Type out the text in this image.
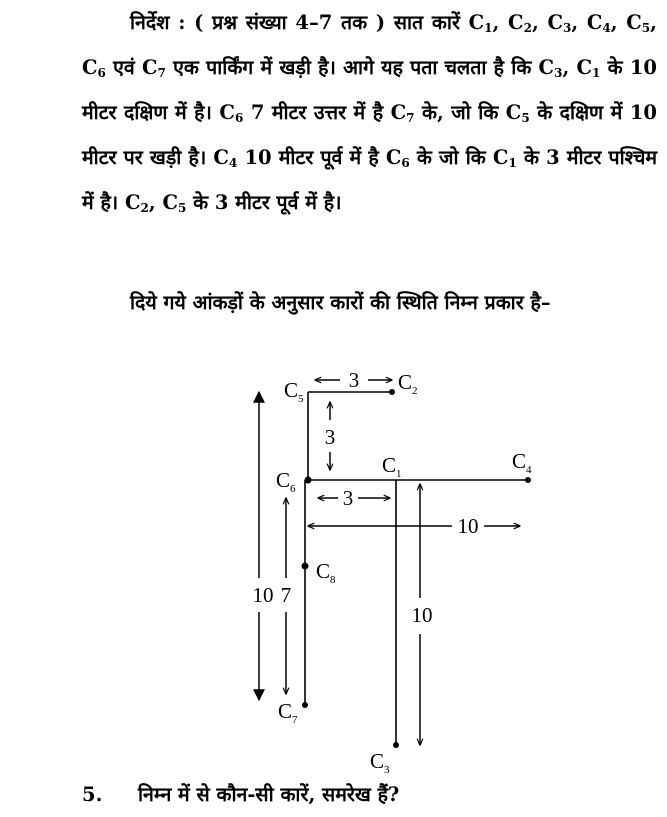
निर्देश : ( प्रश्न संख्या 4–7 तक ) सात कारें $C_1$, $C_2$, $C_3$, $C_4$, $C_5$, $C_6$ एवं $C_7$ एक पार्किंग में खड़ी है। आगे यह पता चलता है कि $C_3$, $C_1$ के 10 मीटर दक्षिण में है। $C_6$ 7 मीटर उत्तर में है $C_7$ के, जो कि $C_5$ के दक्षिण में 10 मीटर पर खड़ी है। $C_4$ 10 मीटर पूर्व में है $C_6$ के जो कि $C_1$ के 3 मीटर पश्चिम में है। $C_2$, $C_5$ के 3 मीटर पूर्व में है।
दिये गये आंकड़ों के अनुसार कारों की स्थिति निम्न प्रकार है–
$C_5$
$C_2$
$C_6$
$C_1$
$C_4$
$C_8$
$C_7$
$C_3$
3
3
3
10
10 7
10
5. निम्न में से कौन-सी कारें, समरेख हैं?
